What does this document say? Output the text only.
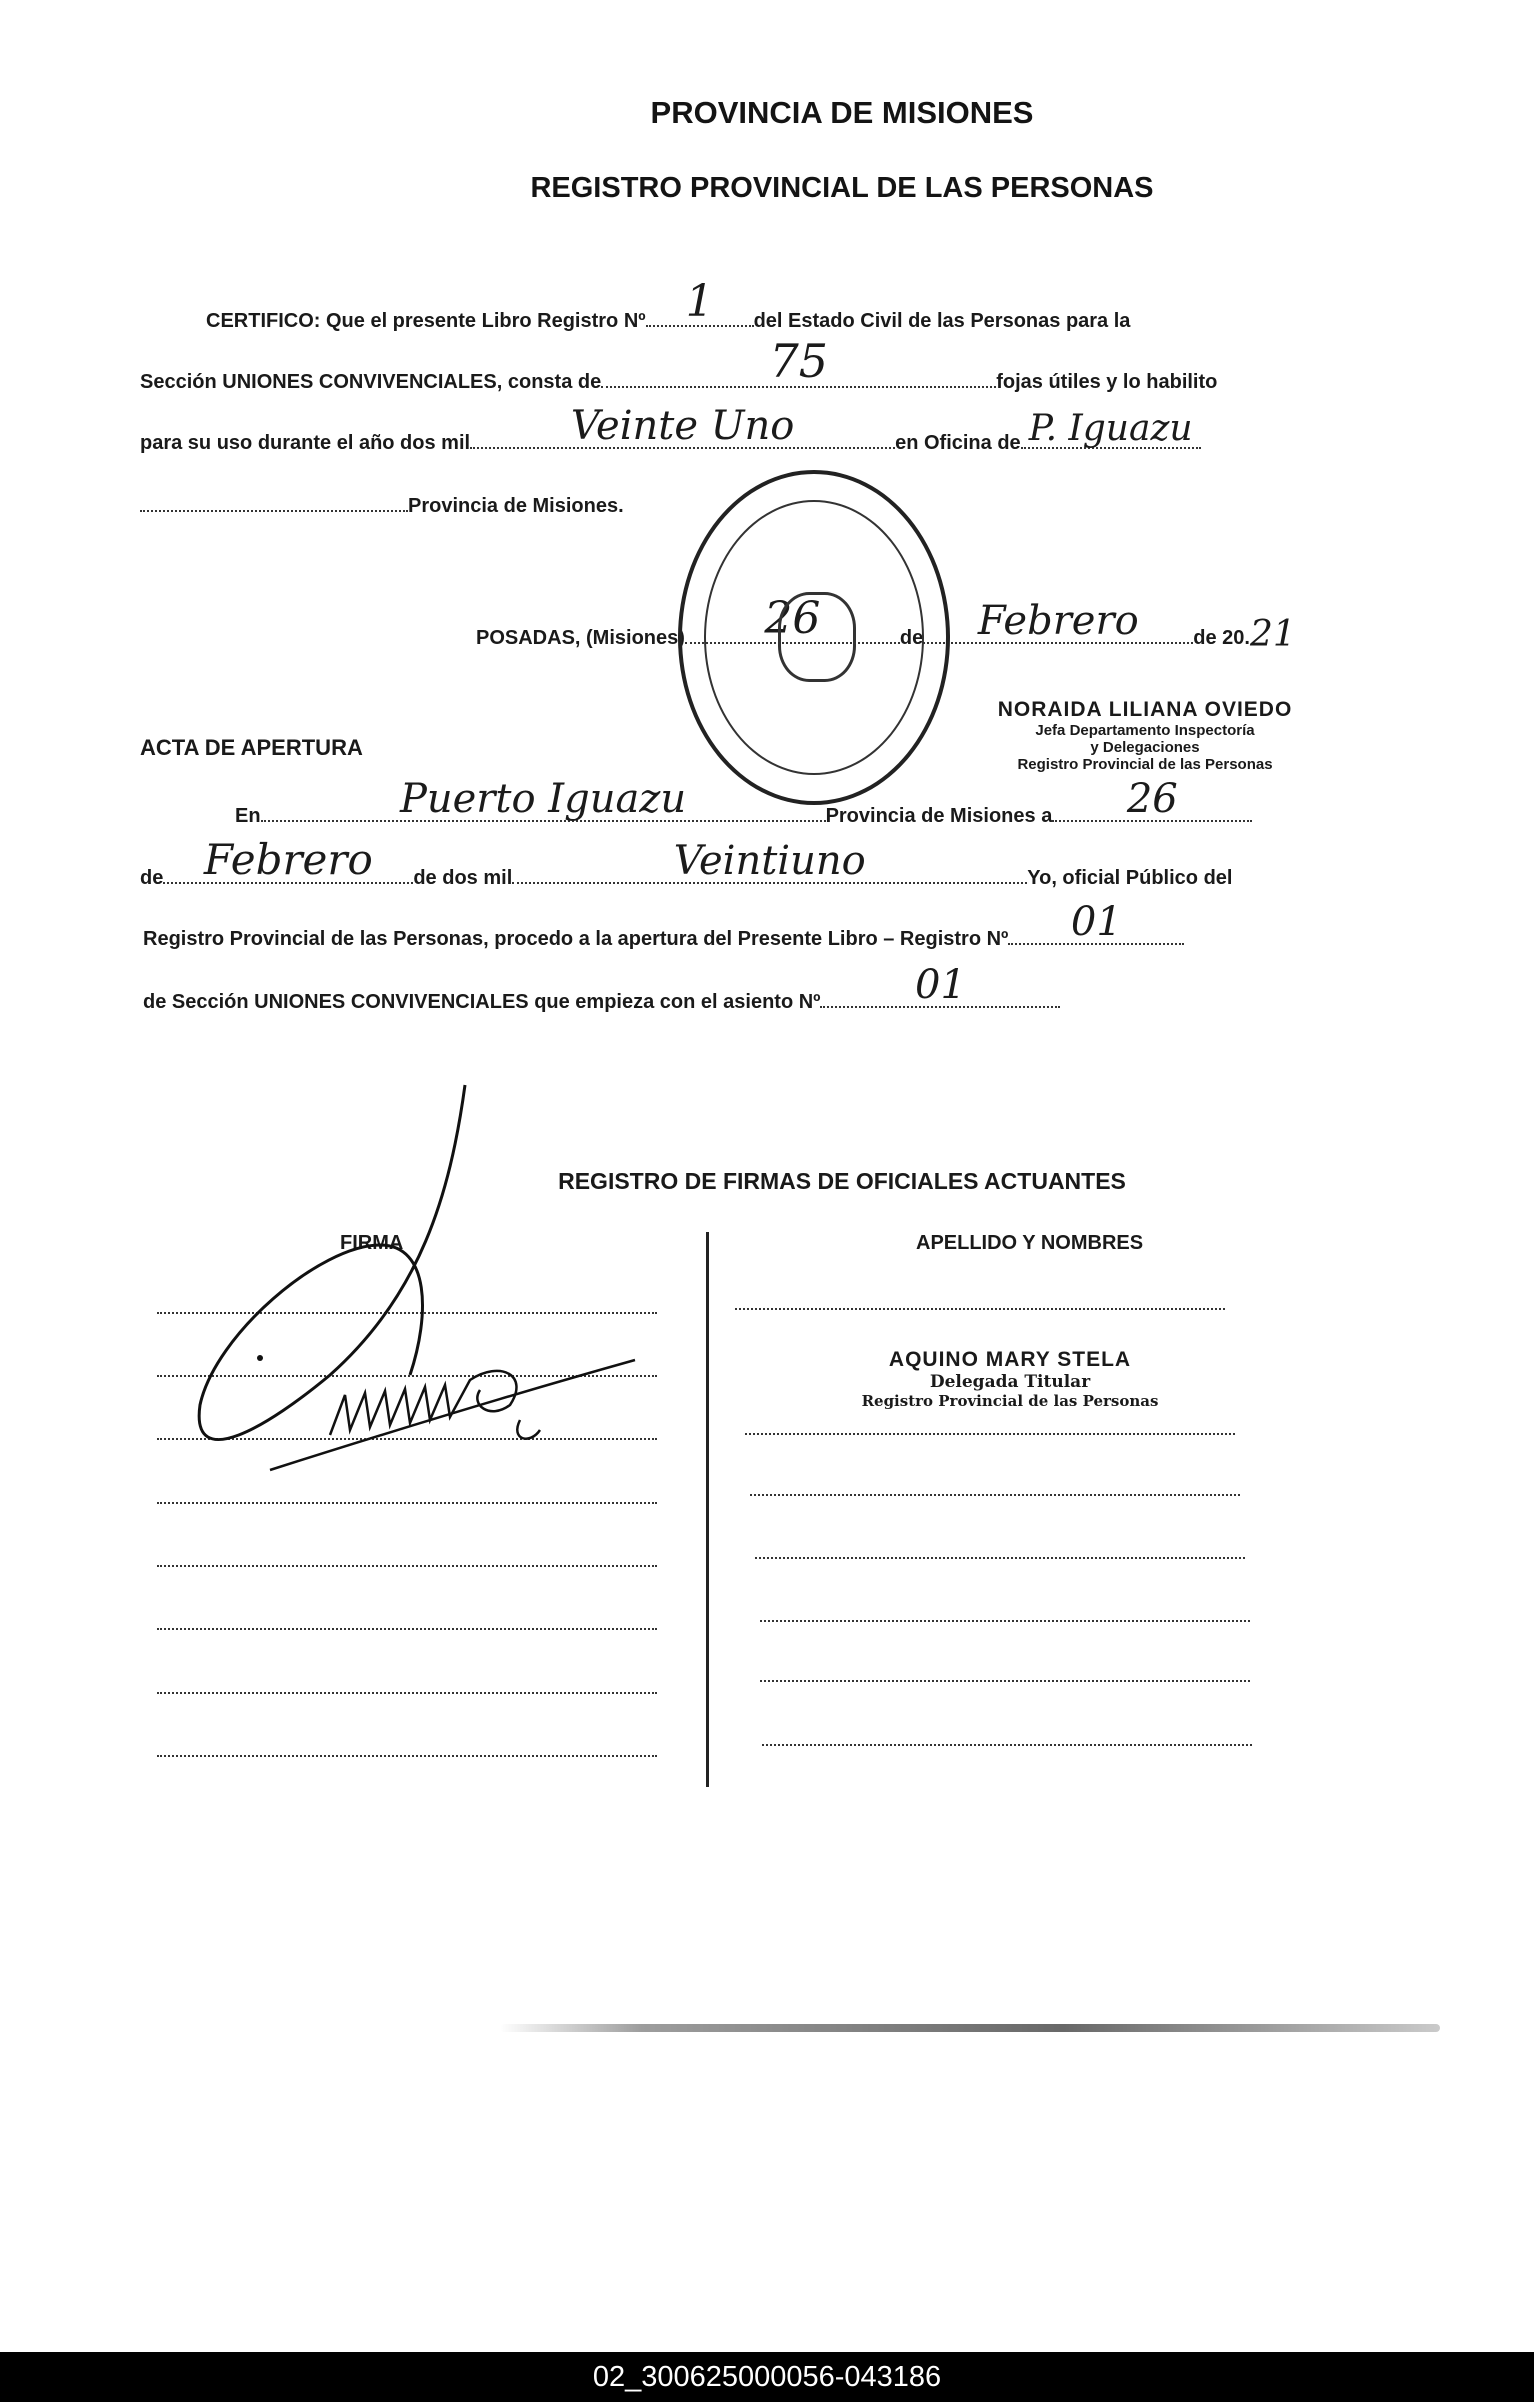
PROVINCIA DE MISIONES
REGISTRO PROVINCIAL DE LAS PERSONAS
CERTIFICO: Que el presente Libro Registro Nº 1	del Estado Civil de las Personas para la
Sección UNIONES CONVIVENCIALES, consta de	75	fojas útiles y lo habilito
para su uso durante el año dos mil	Veinte Uno	en Oficina de P. Iguazu
Provincia de Misiones.
POSADAS, (Misiones)	26	de	Febrero	de 20.21
NORAIDA LILIANA OVIEDO
Jefa Departamento Inspectoría
y Delegaciones
Registro Provincial de las Personas
ACTA DE APERTURA
En	Puerto Iguazu	Provincia de Misiones a	26
de Febrero	de dos mil	Veintiuno	Yo, oficial Público del
Registro Provincial de las Personas, procedo a la apertura del Presente Libro – Registro Nº	01
de Sección UNIONES CONVIVENCIALES que empieza con el asiento Nº	01
REGISTRO DE FIRMAS DE OFICIALES ACTUANTES
FIRMA	APELLIDO Y NOMBRES
AQUINO MARY STELA
Delegada Titular
Registro Provincial de las Personas
02_300625000056-043186
